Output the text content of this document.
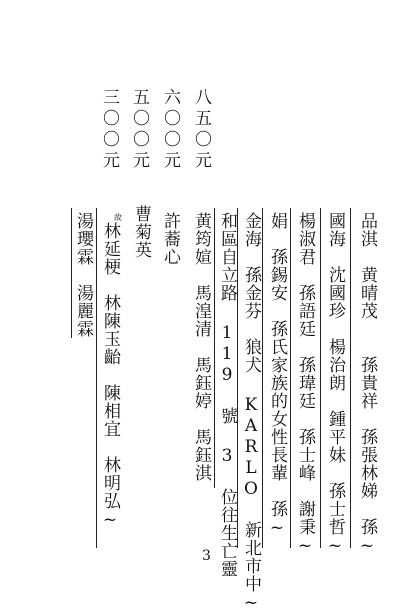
八五〇元
六〇〇元
五〇〇元
三〇〇元
品淇　黄晴茂　　孫貴祥　孫張林娣　孫~
國海　沈國珍　楊治朗　鍾平妹　孫士哲~
楊淑君　孫語廷　孫瑋廷　孫士峰　謝秉~
娟　孫錫安　孫氏家族的女性長輩　孫~
金海　孫金芬　狼犬 KARLO 新北市中~
和區自立路 119 號 3 位往生亡靈
黄筠媗　馬湟清　馬鈺婷　馬鈺淇
許蕎心
曹菊英
故
林延梗　林陳玉齝　陳相宜　林明弘~
湯瓔霖　湯麗霖
3
